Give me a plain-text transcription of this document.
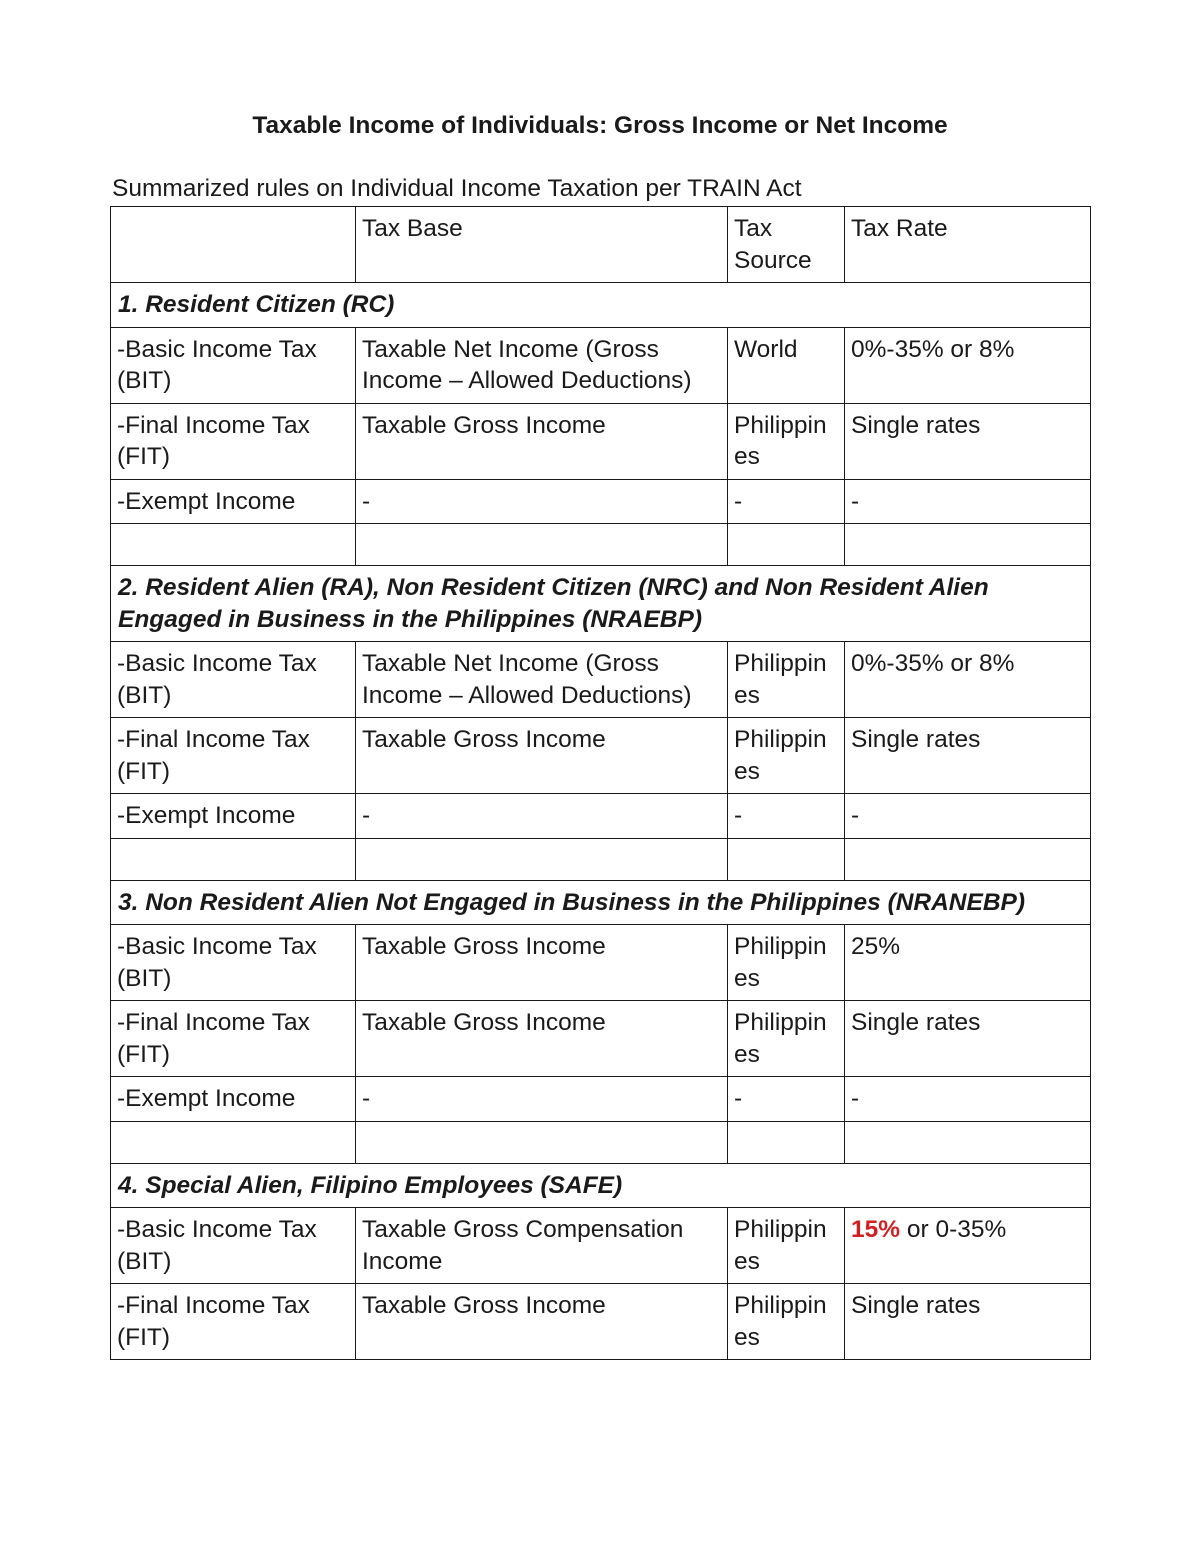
Taxable Income of Individuals: Gross Income or Net Income

Summarized rules on Individual Income Taxation per TRAIN Act

	Tax Base	Tax Source	Tax Rate
1. Resident Citizen (RC)			
-Basic Income Tax (BIT)	Taxable Net Income (Gross Income – Allowed Deductions)	World	0%-35% or 8%
-Final Income Tax (FIT)	Taxable Gross Income	Philippines	Single rates
-Exempt Income	-	-	-

2. Resident Alien (RA), Non Resident Citizen (NRC) and Non Resident Alien Engaged in Business in the Philippines (NRAEBP)			
-Basic Income Tax (BIT)	Taxable Net Income (Gross Income – Allowed Deductions)	Philippines	0%-35% or 8%
-Final Income Tax (FIT)	Taxable Gross Income	Philippines	Single rates
-Exempt Income	-	-	-

3. Non Resident Alien Not Engaged in Business in the Philippines (NRANEBP)			
-Basic Income Tax (BIT)	Taxable Gross Income	Philippines	25%
-Final Income Tax (FIT)	Taxable Gross Income	Philippines	Single rates
-Exempt Income	-	-	-

4. Special Alien, Filipino Employees (SAFE)			
-Basic Income Tax (BIT)	Taxable Gross Compensation Income	Philippines	15% or 0-35%
-Final Income Tax (FIT)	Taxable Gross Income	Philippines	Single rates
